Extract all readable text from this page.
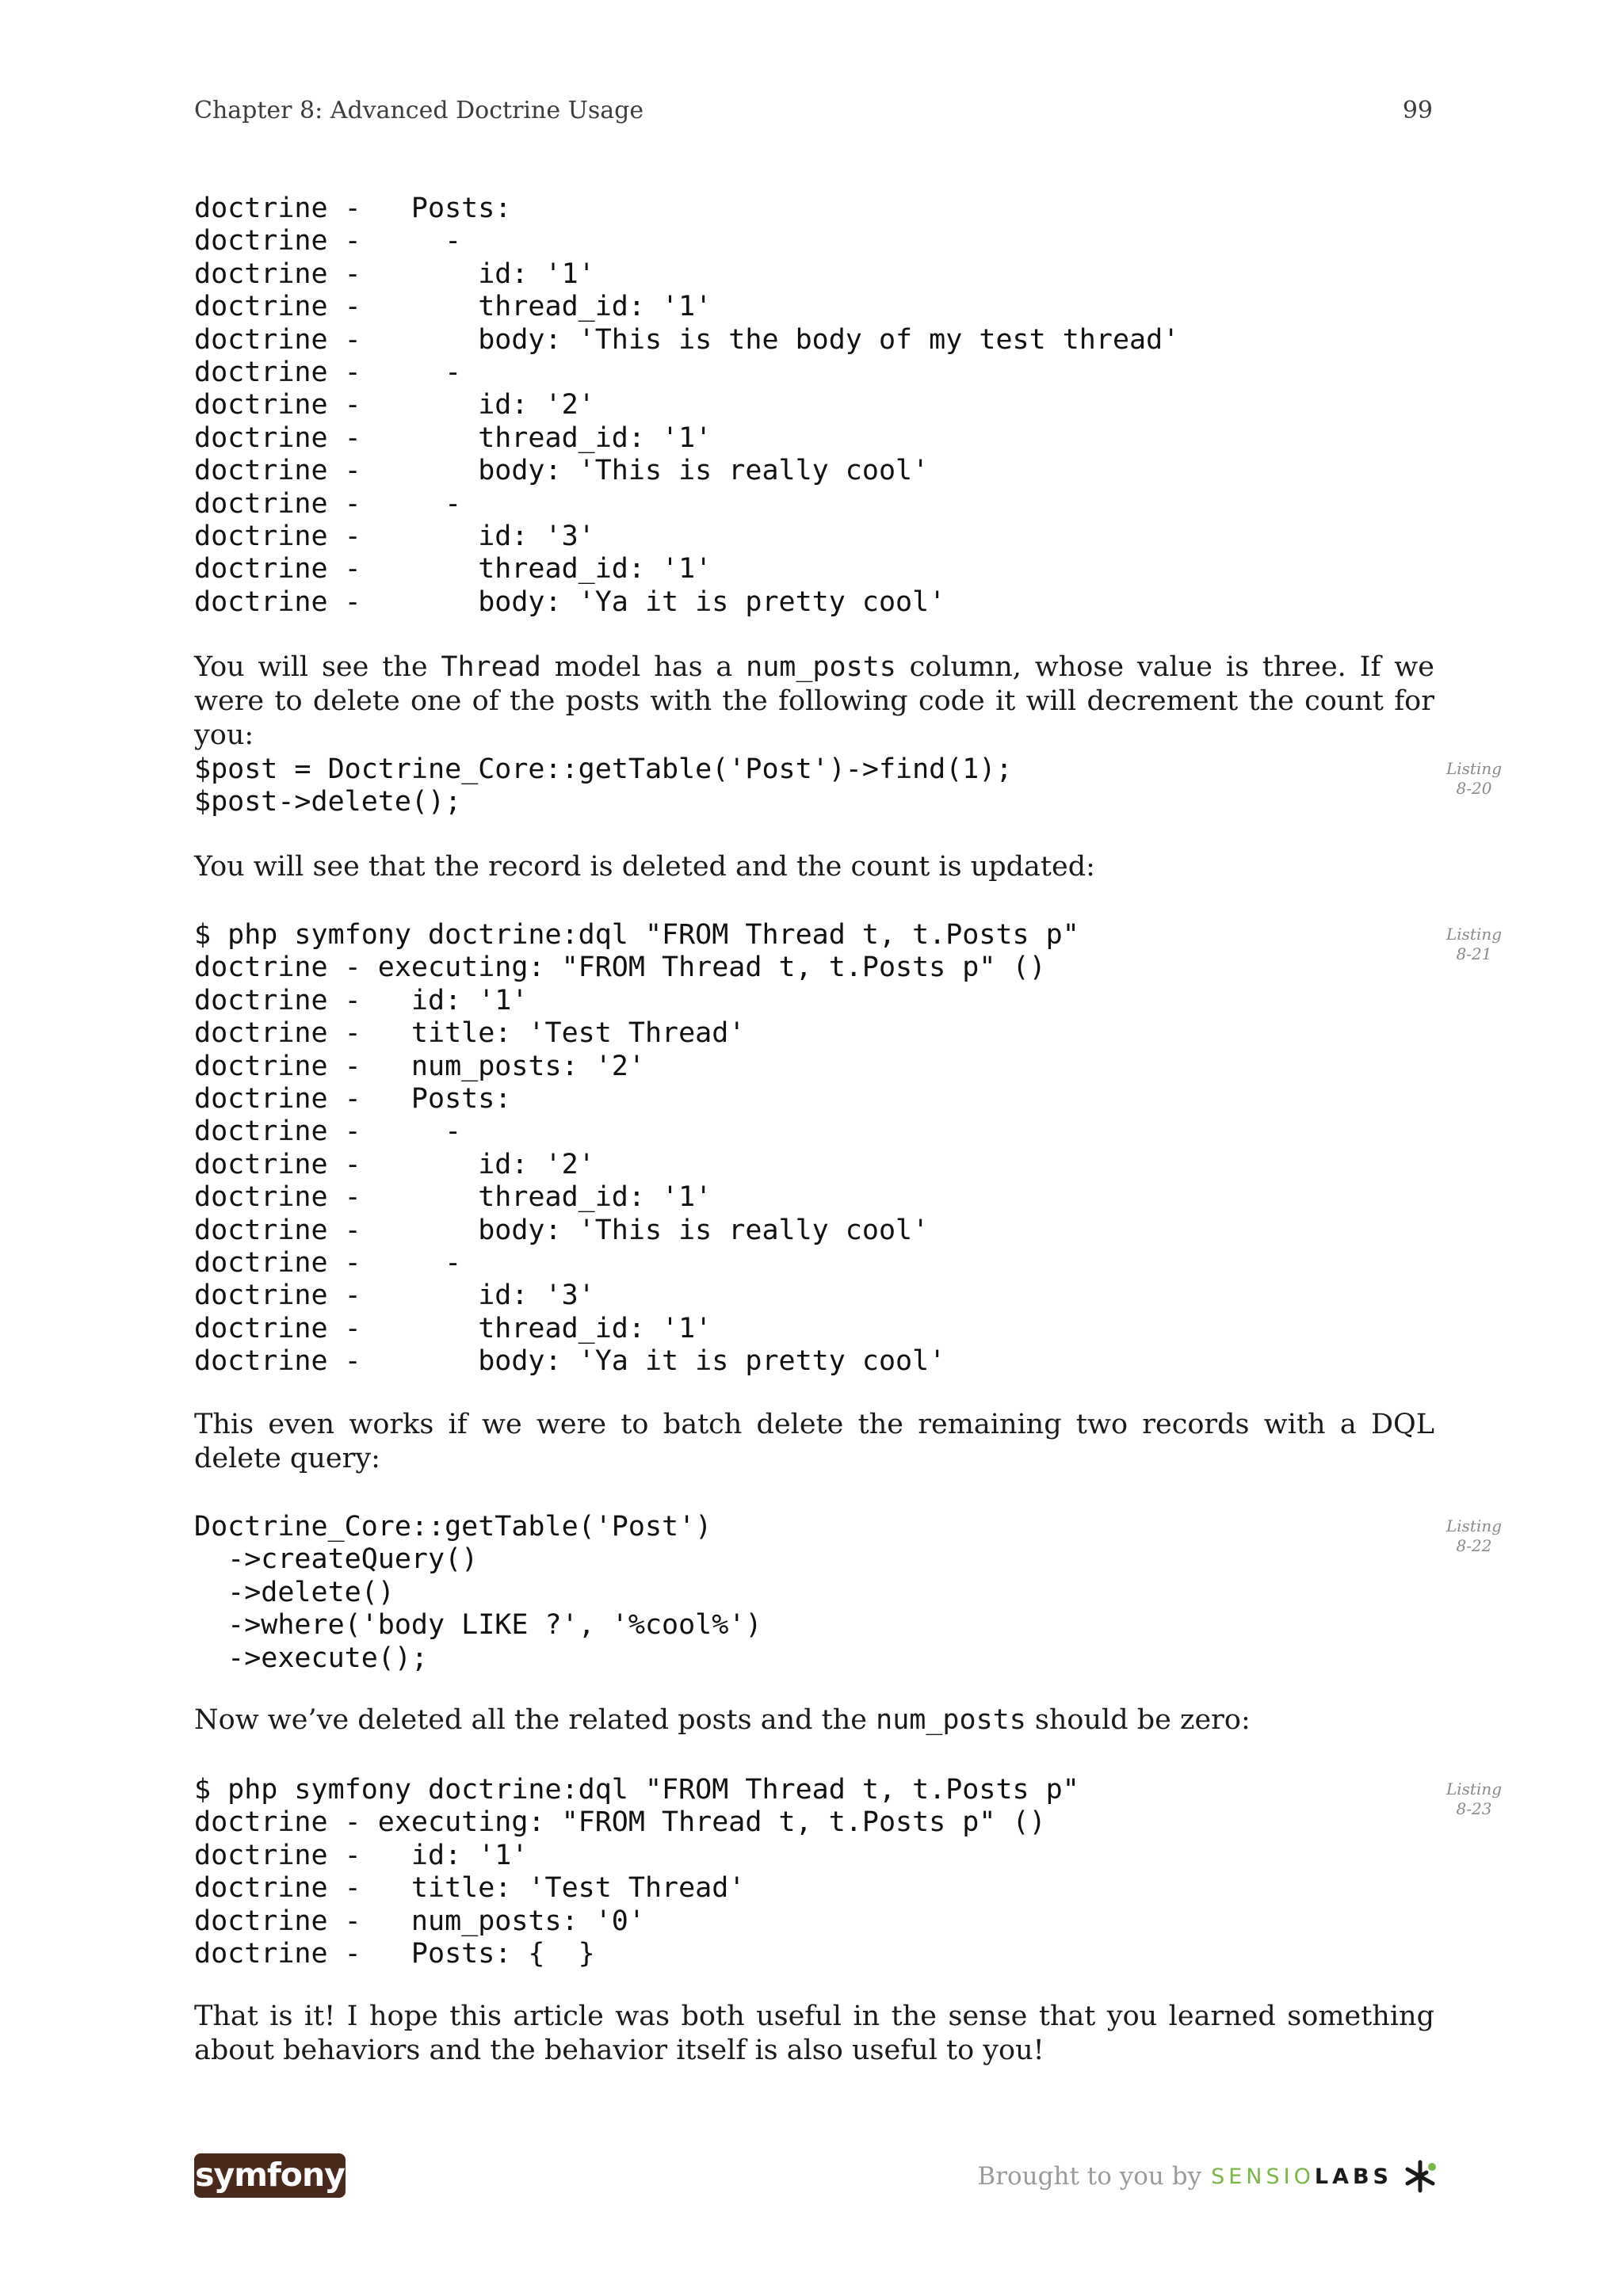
Chapter 8: Advanced Doctrine Usage	99
doctrine -   Posts:
doctrine -     -
doctrine -       id: '1'
doctrine -       thread_id: '1'
doctrine -       body: 'This is the body of my test thread'
doctrine -     -
doctrine -       id: '2'
doctrine -       thread_id: '1'
doctrine -       body: 'This is really cool'
doctrine -     -
doctrine -       id: '3'
doctrine -       thread_id: '1'
doctrine -       body: 'Ya it is pretty cool'

You will see the Thread model has a num_posts column, whose value is three. If we were to delete one of the posts with the following code it will decrement the count for you:

$post = Doctrine_Core::getTable('Post')->find(1);
$post->delete();
Listing
8-20

You will see that the record is deleted and the count is updated:

$ php symfony doctrine:dql "FROM Thread t, t.Posts p"
doctrine - executing: "FROM Thread t, t.Posts p" ()
doctrine -   id: '1'
doctrine -   title: 'Test Thread'
doctrine -   num_posts: '2'
doctrine -   Posts:
doctrine -     -
doctrine -       id: '2'
doctrine -       thread_id: '1'
doctrine -       body: 'This is really cool'
doctrine -     -
doctrine -       id: '3'
doctrine -       thread_id: '1'
doctrine -       body: 'Ya it is pretty cool'
Listing
8-21

This even works if we were to batch delete the remaining two records with a DQL delete query:

Doctrine_Core::getTable('Post')
->createQuery()
->delete()
->where('body LIKE ?', '%cool%')
->execute();
Listing
8-22

Now we’ve deleted all the related posts and the num_posts should be zero:

$ php symfony doctrine:dql "FROM Thread t, t.Posts p"
doctrine - executing: "FROM Thread t, t.Posts p" ()
doctrine -   id: '1'
doctrine -   title: 'Test Thread'
doctrine -   num_posts: '0'
doctrine -   Posts: {  }
Listing
8-23

That is it! I hope this article was both useful in the sense that you learned something about behaviors and the behavior itself is also useful to you!

symfony	Brought to you by SENSIOLABS
